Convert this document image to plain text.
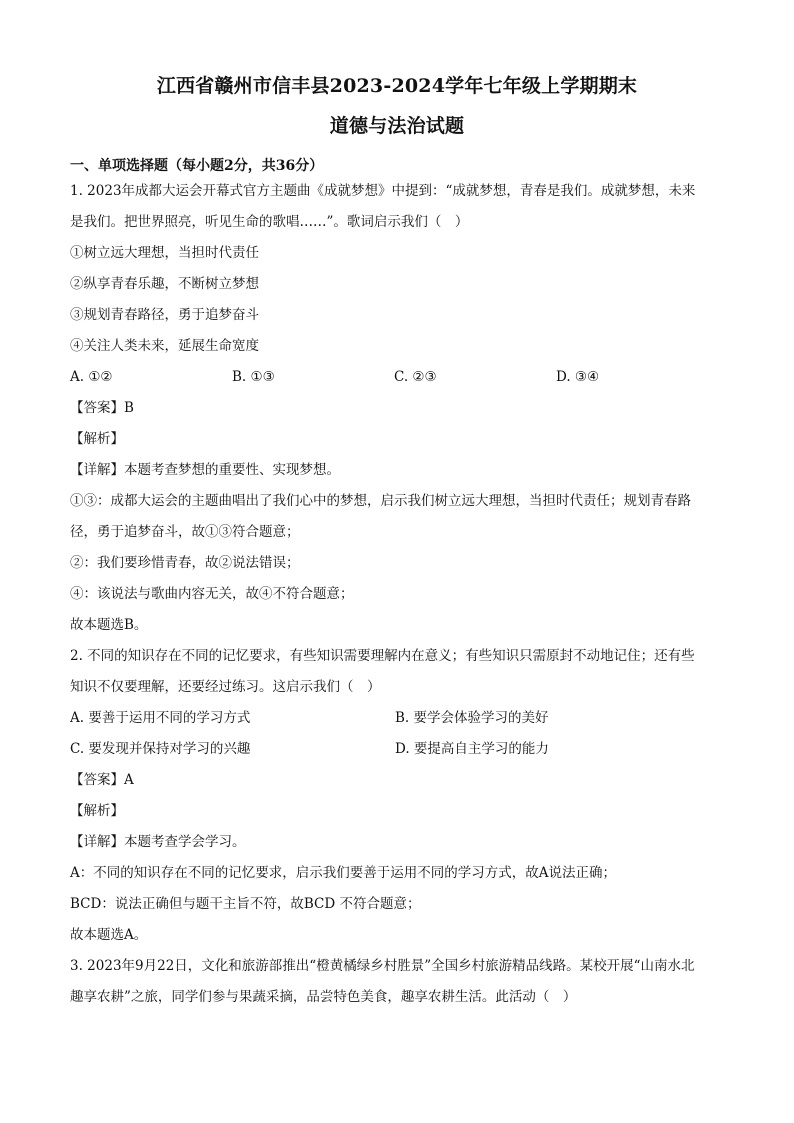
江西省赣州市信丰县2023-2024学年七年级上学期期末
道德与法治试题
一、单项选择题（每小题2分，共36分）

1. 2023年成都大运会开幕式官方主题曲《成就梦想》中提到：“成就梦想，青春是我们。成就梦想，未来

是我们。把世界照亮，听见生命的歌唱……”。歌词启示我们（　）

①树立远大理想，当担时代责任

②纵享青春乐趣，不断树立梦想

③规划青春路径，勇于追梦奋斗

④关注人类未来，延展生命宽度

A. ①②	B. ①③	C. ②③	D. ③④

【答案】B

【解析】

【详解】本题考查梦想的重要性、实现梦想。

①③：成都大运会的主题曲唱出了我们心中的梦想，启示我们树立远大理想，当担时代责任；规划青春路

径，勇于追梦奋斗，故①③符合题意；

②：我们要珍惜青春，故②说法错误；

④：该说法与歌曲内容无关，故④不符合题意；

故本题选B。

2. 不同的知识存在不同的记忆要求，有些知识需要理解内在意义；有些知识只需原封不动地记住；还有些

知识不仅要理解，还要经过练习。这启示我们（　）

A. 要善于运用不同的学习方式	B. 要学会体验学习的美好
C. 要发现并保持对学习的兴趣	D. 要提高自主学习的能力

【答案】A

【解析】

【详解】本题考查学会学习。

A：不同的知识存在不同的记忆要求，启示我们要善于运用不同的学习方式，故A说法正确；

BCD：说法正确但与题干主旨不符，故BCD 不符合题意；

故本题选A。

3. 2023年9月22日，文化和旅游部推出“橙黄橘绿乡村胜景”全国乡村旅游精品线路。某校开展“山南水北

趣享农耕”之旅，同学们参与果蔬采摘，品尝特色美食，趣享农耕生活。此活动（　）
